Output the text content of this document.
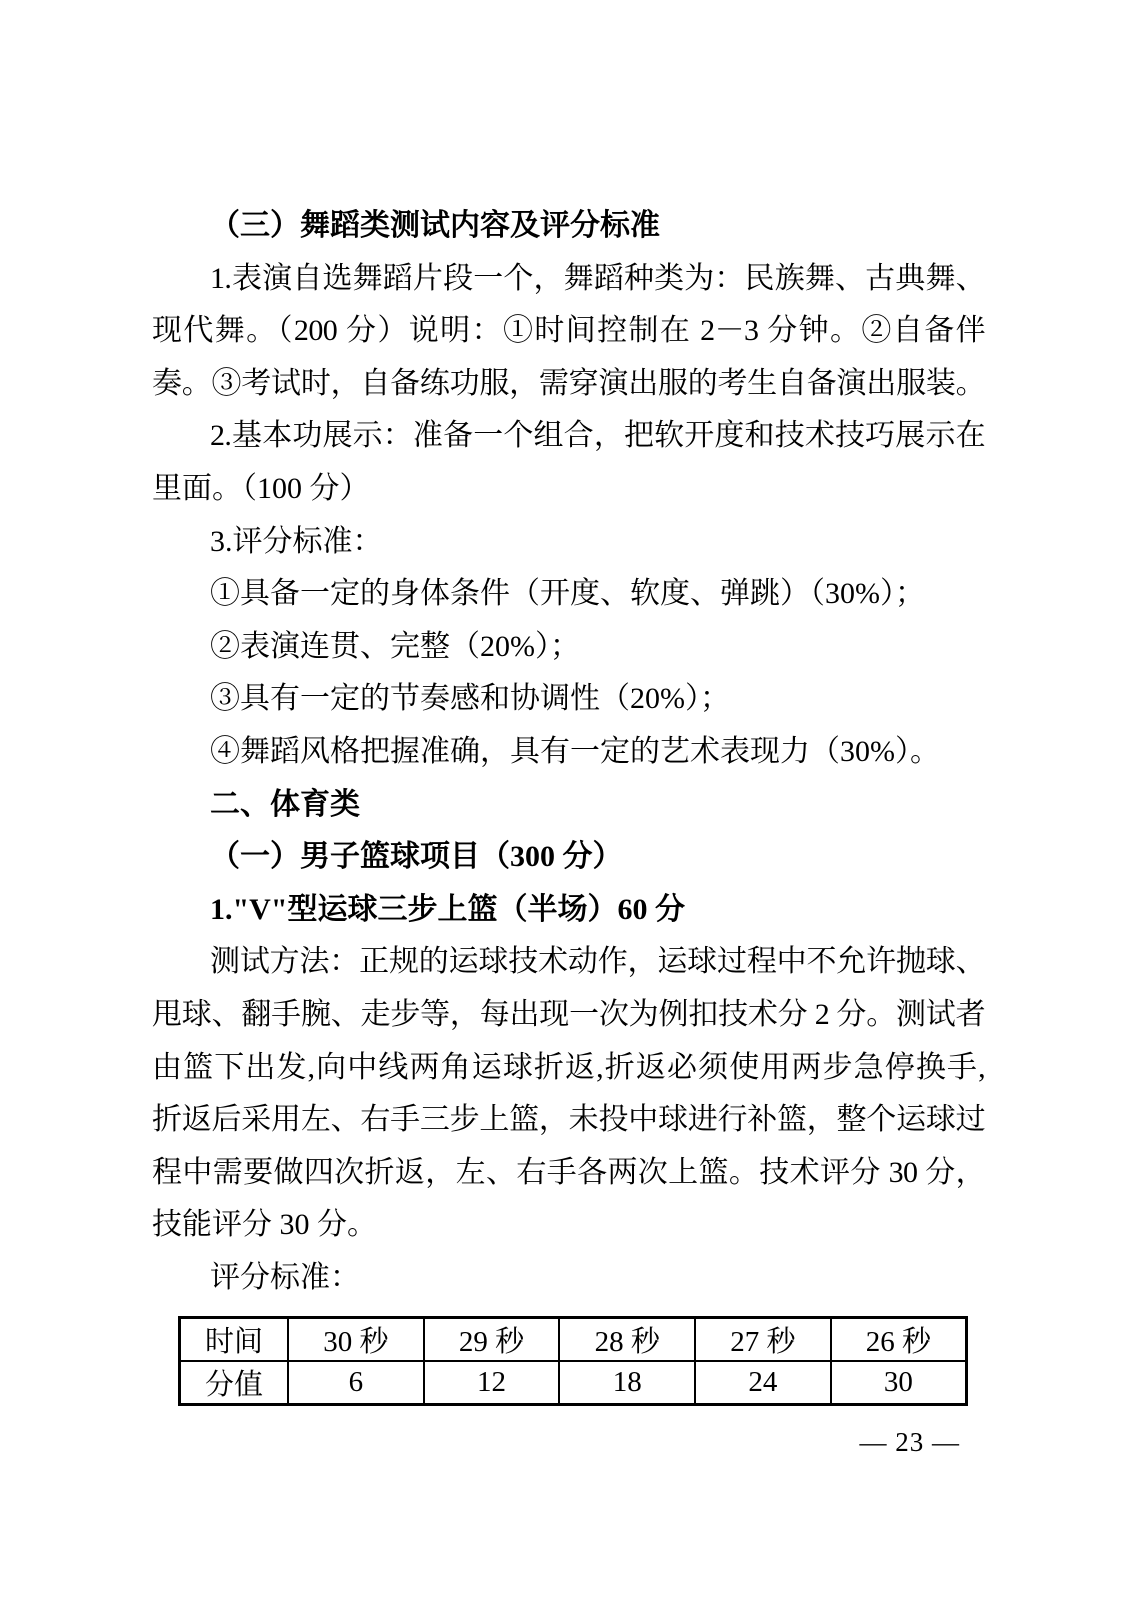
（三）舞蹈类测试内容及评分标准
1.表演自选舞蹈片段一个，舞蹈种类为：民族舞、古典舞、
现代舞。（200 分）说明：①时间控制在 2－3 分钟。②自备伴
奏。③考试时，自备练功服，需穿演出服的考生自备演出服装。
2.基本功展示：准备一个组合，把软开度和技术技巧展示在
里面。（100 分）
3.评分标准：
①具备一定的身体条件（开度、软度、弹跳）（30%）；
②表演连贯、完整（20%）；
③具有一定的节奏感和协调性（20%）；
④舞蹈风格把握准确，具有一定的艺术表现力（30%）。
二、体育类
（一）男子篮球项目（300 分）
1."V"型运球三步上篮（半场）60 分
测试方法：正规的运球技术动作，运球过程中不允许抛球、
甩球、翻手腕、走步等，每出现一次为例扣技术分 2 分。测试者
由篮下出发,向中线两角运球折返,折返必须使用两步急停换手,
折返后采用左、右手三步上篮，未投中球进行补篮，整个运球过
程中需要做四次折返，左、右手各两次上篮。技术评分 30 分，
技能评分 30 分。
评分标准：
时间	30 秒	29 秒	28 秒	27 秒	26 秒
分值	6	12	18	24	30
— 23 —
